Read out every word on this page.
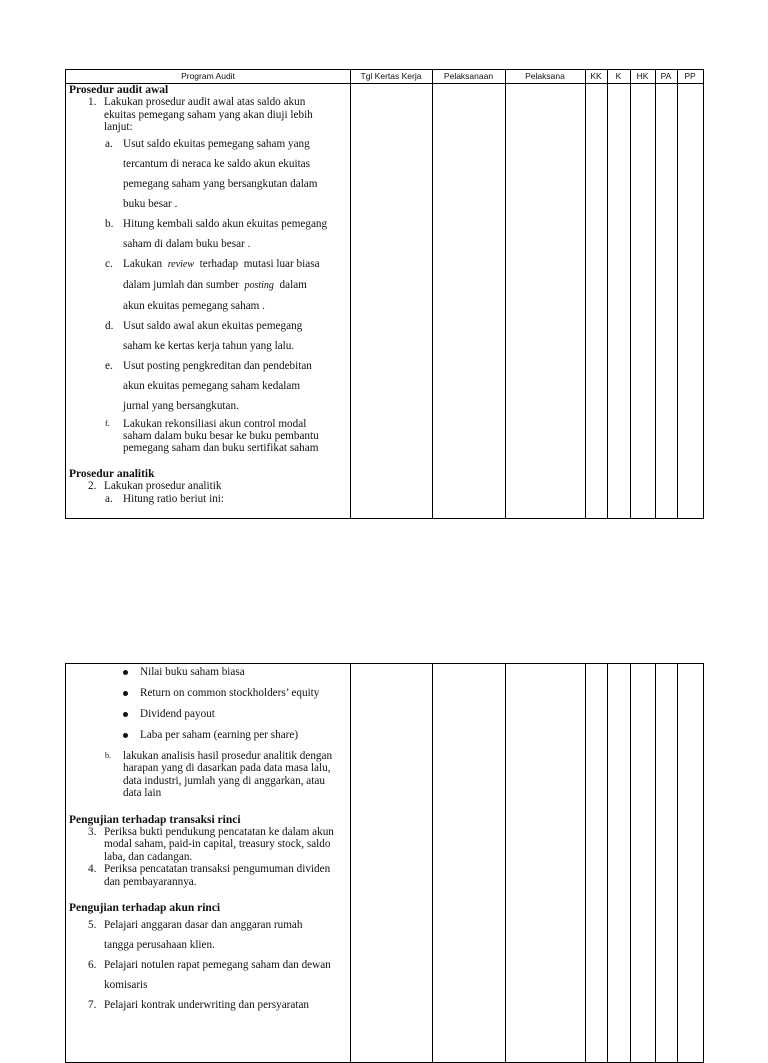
Program Audit	Tgl Kertas Kerja	Pelaksanaan	Pelaksana	KK	K	HK	PA	PP
Prosedur audit awal
1. Lakukan prosedur audit awal atas saldo akun
ekuitas pemegang saham yang akan diuji lebih
lanjut:
a. Usut saldo ekuitas pemegang saham yang
tercantum di neraca ke saldo akun ekuitas
pemegang saham yang bersangkutan dalam
buku besar .
b. Hitung kembali saldo akun ekuitas pemegang
saham di dalam buku besar .
c. Lakukan  review  terhadap  mutasi luar biasa
dalam jumlah dan sumber  posting  dalam
akun ekuitas pemegang saham .
d. Usut saldo awal akun ekuitas pemegang
saham ke kertas kerja tahun yang lalu.
e. Usut posting pengkreditan dan pendebitan
akun ekuitas pemegang saham kedalam
jurnal yang bersangkutan.
f. Lakukan rekonsiliasi akun control modal
saham dalam buku besar ke buku pembantu
pemegang saham dan buku sertifikat saham
Prosedur analitik
2. Lakukan prosedur analitik
a. Hitung ratio beriut ini:
Nilai buku saham biasa
Return on common stockholders’ equity
Dividend payout
Laba per saham (earning per share)
b. lakukan analisis hasil prosedur analitik dengan
harapan yang di dasarkan pada data masa lalu,
data industri, jumlah yang di anggarkan, atau
data lain
Pengujian terhadap transaksi rinci
3. Periksa bukti pendukung pencatatan ke dalam akun
modal saham, paid-in capital, treasury stock, saldo
laba, dan cadangan.
4. Periksa pencatatan transaksi pengumuman dividen
dan pembayarannya.
Pengujian terhadap akun rinci
5. Pelajari anggaran dasar dan anggaran rumah
tangga perusahaan klien.
6. Pelajari notulen rapat pemegang saham dan dewan
komisaris
7. Pelajari kontrak underwriting dan persyaratan
